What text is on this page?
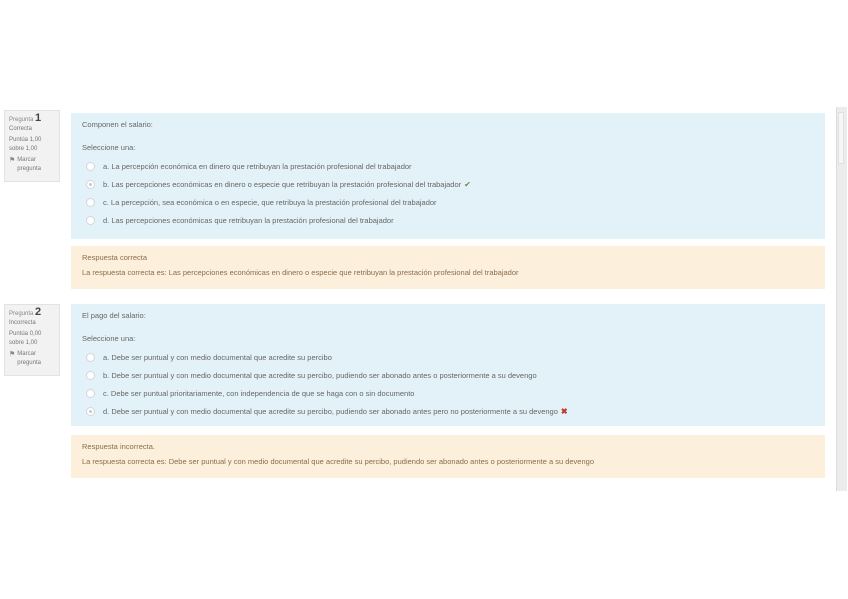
Pregunta 1
Correcta
Puntúa 1,00 sobre 1,00
⚑ Marcar pregunta
Componen el salario:
Seleccione una:
a. La percepción económica en dinero que retribuyan la prestación profesional del trabajador
b. Las percepciones económicas en dinero o especie que retribuyan la prestación profesional del trabajador ✔
c. La percepción, sea económica o en especie, que retribuya la prestación profesional del trabajador
d. Las percepciones económicas que retribuyan la prestación profesional del trabajador
Respuesta correcta
La respuesta correcta es: Las percepciones económicas en dinero o especie que retribuyan la prestación profesional del trabajador
Pregunta 2
Incorrecta
Puntúa 0,00 sobre 1,00
⚑ Marcar pregunta
El pago del salario:
Seleccione una:
a. Debe ser puntual y con medio documental que acredite su percibo
b. Debe ser puntual y con medio documental que acredite su percibo, pudiendo ser abonado antes o posteriormente a su devengo
c. Debe ser puntual prioritariamente, con independencia de que se haga con o sin documento
d. Debe ser puntual y con medio documental que acredite su percibo, pudiendo ser abonado antes pero no posteriormente a su devengo ✖
Respuesta incorrecta.
La respuesta correcta es: Debe ser puntual y con medio documental que acredite su percibo, pudiendo ser abonado antes o posteriormente a su devengo
